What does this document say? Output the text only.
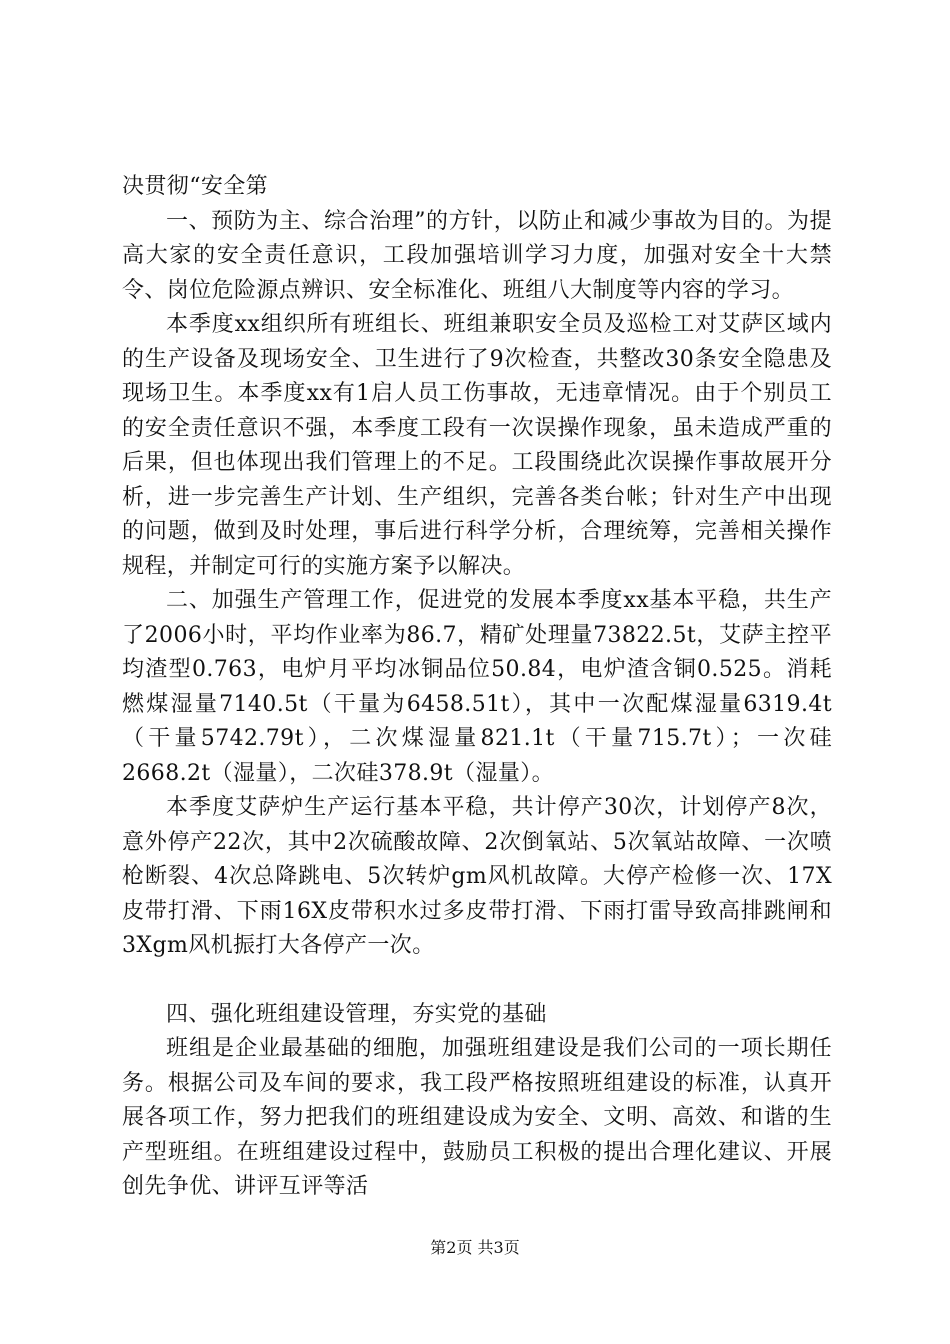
决贯彻“安全第

一、预防为主、综合治理”的方针，以防止和减少事故为目的。为提高大家的安全责任意识，工段加强培训学习力度，加强对安全十大禁令、岗位危险源点辨识、安全标准化、班组八大制度等内容的学习。

本季度xx组织所有班组长、班组兼职安全员及巡检工对艾萨区域内的生产设备及现场安全、卫生进行了9次检查，共整改30条安全隐患及现场卫生。本季度xx有1启人员工伤事故，无违章情况。由于个别员工的安全责任意识不强，本季度工段有一次误操作现象，虽未造成严重的后果，但也体现出我们管理上的不足。工段围绕此次误操作事故展开分析，进一步完善生产计划、生产组织，完善各类台帐；针对生产中出现的问题，做到及时处理，事后进行科学分析，合理统筹，完善相关操作规程，并制定可行的实施方案予以解决。

二、加强生产管理工作，促进党的发展本季度xx基本平稳，共生产了2006小时，平均作业率为86.7，精矿处理量73822.5t，艾萨主控平均渣型0.763，电炉月平均冰铜品位50.84，电炉渣含铜0.525。消耗燃煤湿量7140.5t（干量为6458.51t），其中一次配煤湿量6319.4t（干量5742.79t），二次煤湿量821.1t（干量715.7t）；一次硅2668.2t（湿量），二次硅378.9t（湿量）。

本季度艾萨炉生产运行基本平稳，共计停产30次，计划停产8次，意外停产22次，其中2次硫酸故障、2次倒氧站、5次氧站故障、一次喷枪断裂、4次总降跳电、5次转炉gm风机故障。大停产检修一次、17X皮带打滑、下雨16X皮带积水过多皮带打滑、下雨打雷导致高排跳闸和3Xgm风机振打大各停产一次。

四、强化班组建设管理，夯实党的基础

班组是企业最基础的细胞，加强班组建设是我们公司的一项长期任务。根据公司及车间的要求，我工段严格按照班组建设的标准，认真开展各项工作，努力把我们的班组建设成为安全、文明、高效、和谐的生产型班组。在班组建设过程中，鼓励员工积极的提出合理化建议、开展创先争优、讲评互评等活

第2页 共3页
